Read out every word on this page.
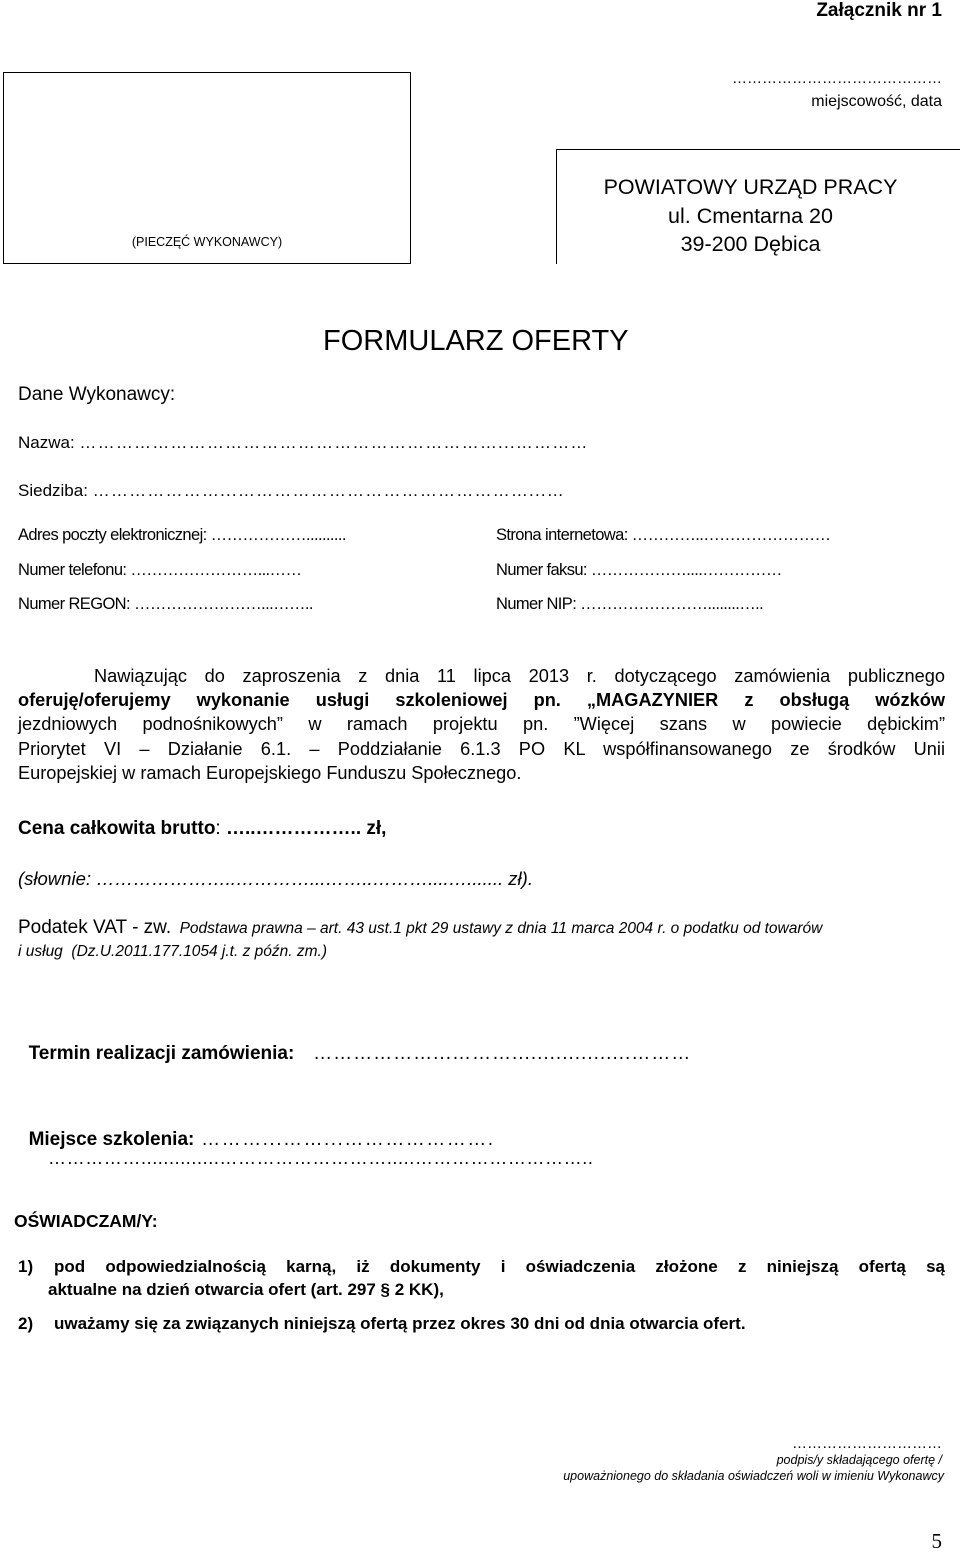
Załącznik nr 1
(PIECZĘĆ WYKONAWCY)
……………………………………
miejscowość, data
POWIATOWY URZĄD PRACY
ul. Cmentarna 20
39-200 Dębica
FORMULARZ OFERTY
Dane Wykonawcy:
Nazwa: ……………………………………………………………...…………
Siedziba: …………………...…………………………………………...…
Adres poczty elektronicznej: ………………..........	Strona internetowa: …………..……………………
Numer telefonu: ……………………...……	Numer faksu: ………………....……………
Numer REGON: ……………………...……..	Numer NIP: ……………………........…..
Nawiązując do zaproszenia z dnia 11 lipca 2013 r. dotyczącego zamówienia publicznego
oferuję/oferujemy wykonanie usługi szkoleniowej pn. „MAGAZYNIER z obsługą wózków
jezdniowych podnośnikowych” w ramach projektu pn. ”Więcej szans w powiecie dębickim”
Priorytet VI – Działanie 6.1. – Poddziałanie 6.1.3 PO KL współfinansowanego ze środków Unii
Europejskiej w ramach Europejskiego Funduszu Społecznego.
Cena całkowita brutto: …..…………….. zł,
(słownie: …………………..…………...……..………....…....... zł).
Podatek VAT - zw. Podstawa prawna – art. 43 ust.1 pkt 29 ustawy z dnia 11 marca 2004 r. o podatku od towarów
i usług  (Dz.U.2011.177.1054 j.t. z późn. zm.)

Termin realizacji zamówienia:   ………………...………...................………

Miejsce szkolenia: ………...……...………………….

……………..............……………………….....………………………..
OŚWIADCZAM/Y:
1) pod odpowiedzialnością karną, iż dokumenty i oświadczenia złożone z niniejszą ofertą są
aktualne na dzień otwarcia ofert (art. 297 § 2 KK),
2) uważamy się za związanych niniejszą ofertą przez okres 30 dni od dnia otwarcia ofert.
…………………………
podpis/y składającego ofertę /
upoważnionego do składania oświadczeń woli w imieniu Wykonawcy
5
